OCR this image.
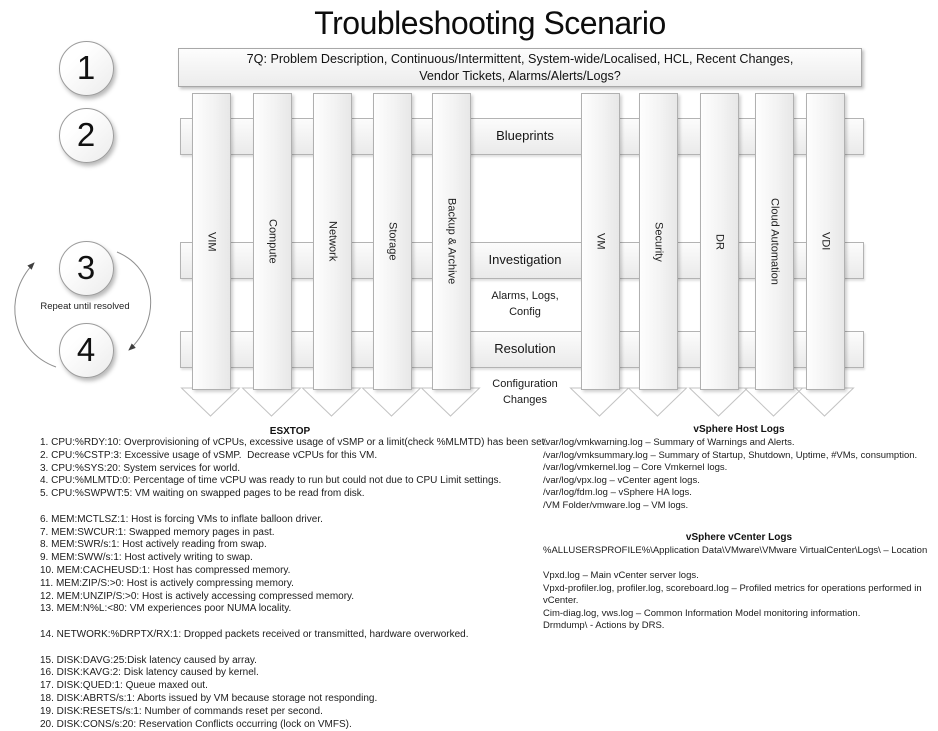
Troubleshooting Scenario
7Q: Problem Description, Continuous/Intermittent, System-wide/Localised, HCL, Recent Changes,
Vendor Tickets, Alarms/Alerts/Logs?
1
2
3
4
Repeat until resolved
Blueprints
Investigation
Resolution
VIM	Compute	Network	Storage	Backup & Archive	VM	Security	DR	Cloud Automation	VDI
Alarms, Logs,
Config
Configuration
Changes
ESXTOP
1. CPU:%RDY:10: Overprovisioning of vCPUs, excessive usage of vSMP or a limit(check %MLMTD) has been set.
2. CPU:%CSTP:3: Excessive usage of vSMP.  Decrease vCPUs for this VM.
3. CPU:%SYS:20: System services for world.
4. CPU:%MLMTD:0: Percentage of time vCPU was ready to run but could not due to CPU Limit settings.
5. CPU:%SWPWT:5: VM waiting on swapped pages to be read from disk.
6. MEM:MCTLSZ:1: Host is forcing VMs to inflate balloon driver.
7. MEM:SWCUR:1: Swapped memory pages in past.
8. MEM:SWR/s:1: Host actively reading from swap.
9. MEM:SWW/s:1: Host actively writing to swap.
10. MEM:CACHEUSD:1: Host has compressed memory.
11. MEM:ZIP/S:>0: Host is actively compressing memory.
12. MEM:UNZIP/S:>0: Host is actively accessing compressed memory.
13. MEM:N%L:<80: VM experiences poor NUMA locality.
14. NETWORK:%DRPTX/RX:1: Dropped packets received or transmitted, hardware overworked.
15. DISK:DAVG:25:Disk latency caused by array.
16. DISK:KAVG:2: Disk latency caused by kernel.
17. DISK:QUED:1: Queue maxed out.
18. DISK:ABRTS/s:1: Aborts issued by VM because storage not responding.
19. DISK:RESETS/s:1: Number of commands reset per second.
20. DISK:CONS/s:20: Reservation Conflicts occurring (lock on VMFS).
vSphere Host Logs
/var/log/vmkwarning.log – Summary of Warnings and Alerts.
/var/log/vmksummary.log – Summary of Startup, Shutdown, Uptime, #VMs, consumption.
/var/log/vmkernel.log – Core Vmkernel logs.
/var/log/vpx.log – vCenter agent logs.
/var/log/fdm.log – vSphere HA logs.
/VM Folder/vmware.log – VM logs.
vSphere vCenter Logs
%ALLUSERSPROFILE%\Application Data\VMware\VMware VirtualCenter\Logs\ – Location
Vpxd.log – Main vCenter server logs.
Vpxd-profiler.log, profiler.log, scoreboard.log – Profiled metrics for operations performed in
vCenter.
Cim-diag.log, vws.log – Common Information Model monitoring information.
Drmdump\ - Actions by DRS.
